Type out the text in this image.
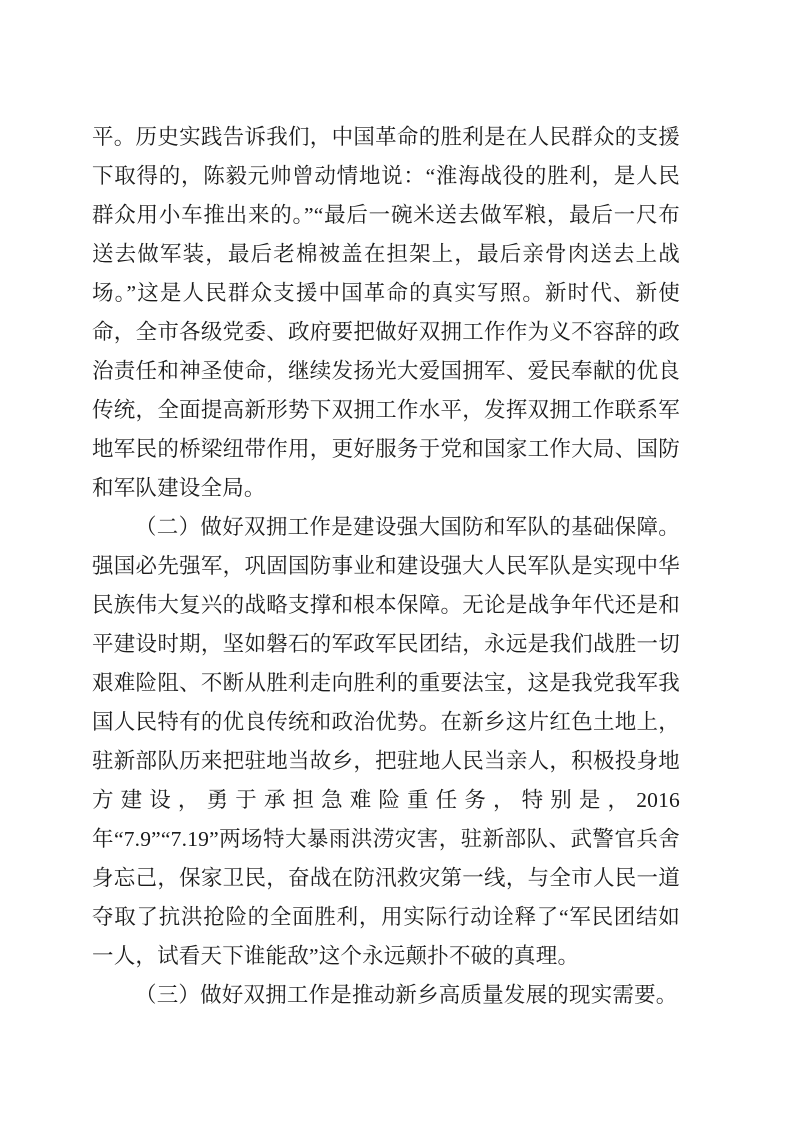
平。历史实践告诉我们，中国革命的胜利是在人民群众的支援下取得的，陈毅元帅曾动情地说：“淮海战役的胜利，是人民群众用小车推出来的。”“最后一碗米送去做军粮，最后一尺布送去做军装，最后老棉被盖在担架上，最后亲骨肉送去上战场。”这是人民群众支援中国革命的真实写照。新时代、新使命，全市各级党委、政府要把做好双拥工作作为义不容辞的政治责任和神圣使命，继续发扬光大爱国拥军、爱民奉献的优良传统，全面提高新形势下双拥工作水平，发挥双拥工作联系军地军民的桥梁纽带作用，更好服务于党和国家工作大局、国防和军队建设全局。

（二）做好双拥工作是建设强大国防和军队的基础保障。强国必先强军，巩固国防事业和建设强大人民军队是实现中华民族伟大复兴的战略支撑和根本保障。无论是战争年代还是和平建设时期，坚如磐石的军政军民团结，永远是我们战胜一切艰难险阻、不断从胜利走向胜利的重要法宝，这是我党我军我国人民特有的优良传统和政治优势。在新乡这片红色土地上，驻新部队历来把驻地当故乡，把驻地人民当亲人，积极投身地方建设，勇于承担急难险重任务，特别是，2016 年“7.9”“7.19”两场特大暴雨洪涝灾害，驻新部队、武警官兵舍身忘己，保家卫民，奋战在防汛救灾第一线，与全市人民一道夺取了抗洪抢险的全面胜利，用实际行动诠释了“军民团结如一人，试看天下谁能敌”这个永远颠扑不破的真理。

（三）做好双拥工作是推动新乡高质量发展的现实需要。
